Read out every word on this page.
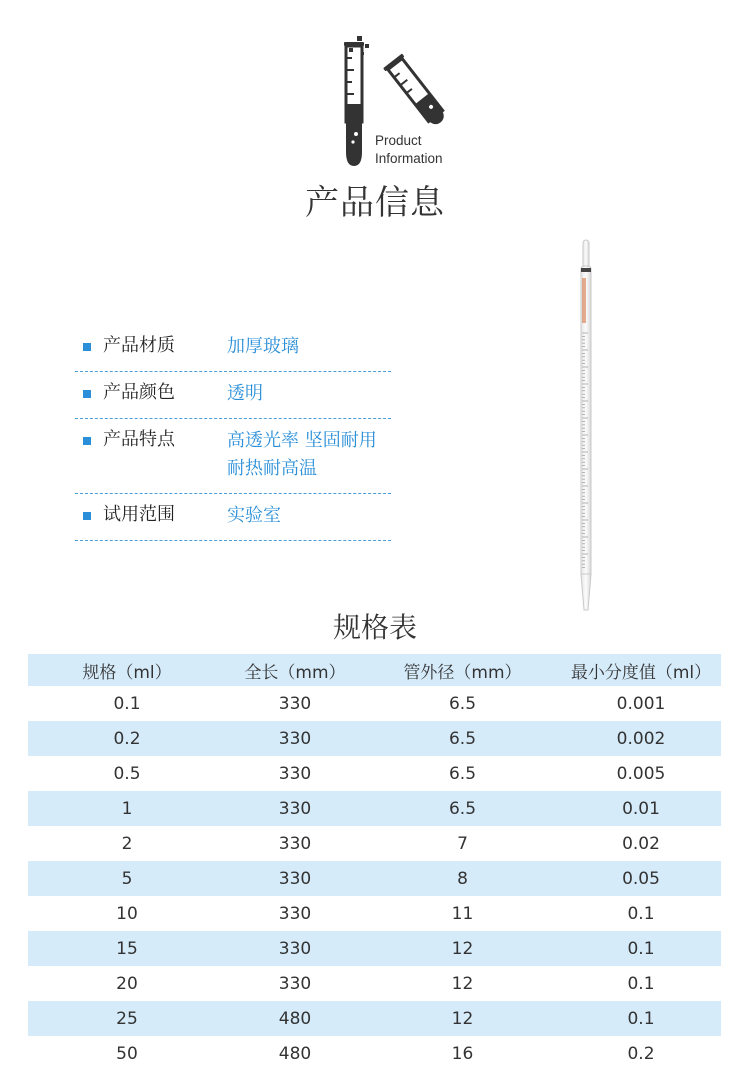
Product
Information
产品信息
产品材质	加厚玻璃
产品颜色	透明
产品特点	高透光率 坚固耐用
耐热耐高温
试用范围	实验室
规格表
规格（ml）	全长（mm）	管外径（mm）	最小分度值（ml）
0.1	330	6.5	0.001
0.2	330	6.5	0.002
0.5	330	6.5	0.005
1	330	6.5	0.01
2	330	7	0.02
5	330	8	0.05
10	330	11	0.1
15	330	12	0.1
20	330	12	0.1
25	480	12	0.1
50	480	16	0.2
